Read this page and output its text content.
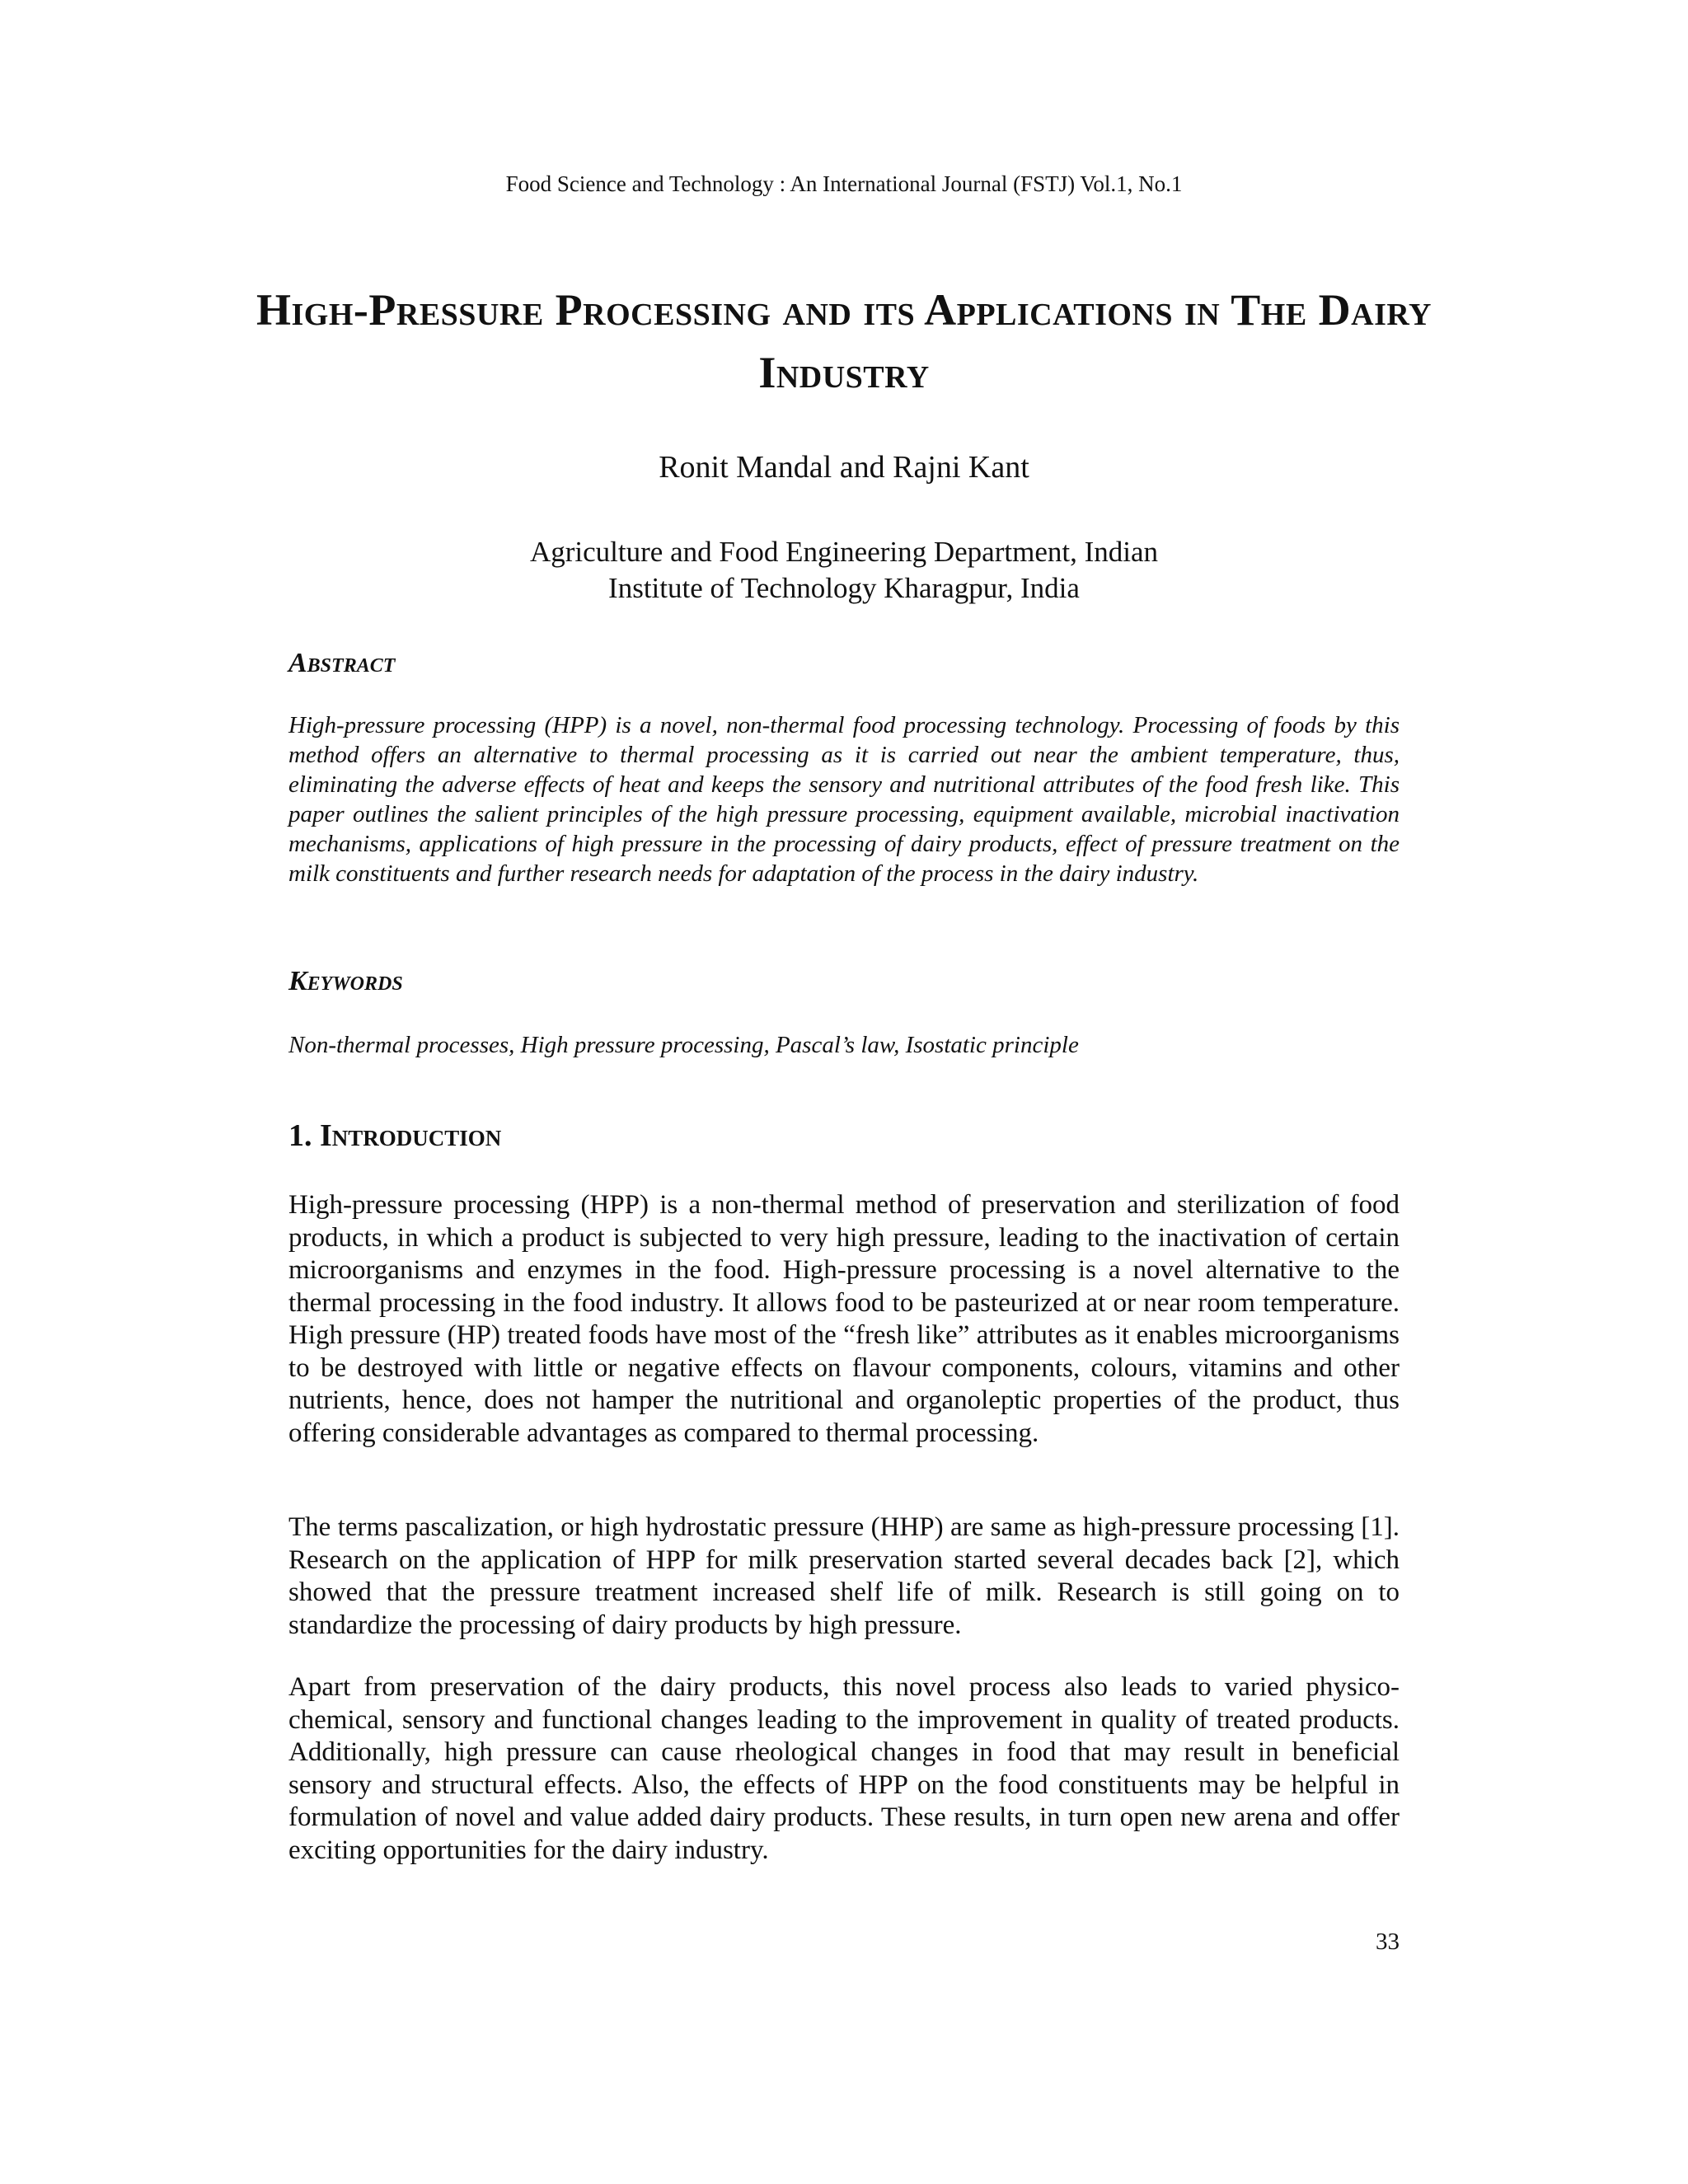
Food Science and Technology : An International Journal (FSTJ) Vol.1, No.1
High-Pressure Processing and its Applications in The Dairy Industry
Ronit Mandal and Rajni Kant
Agriculture and Food Engineering Department, Indian
Institute of Technology Kharagpur, India
Abstract
High-pressure processing (HPP) is a novel, non-thermal food processing technology. Processing of foods by this method offers an alternative to thermal processing as it is carried out near the ambient temperature, thus, eliminating the adverse effects of heat and keeps the sensory and nutritional attributes of the food fresh like. This paper outlines the salient principles of the high pressure processing, equipment available, microbial inactivation mechanisms, applications of high pressure in the processing of dairy products, effect of pressure treatment on the milk constituents and further research needs for adaptation of the process in the dairy industry.
Keywords
Non-thermal processes, High pressure processing, Pascal’s law, Isostatic principle
1. Introduction
High-pressure processing (HPP) is a non-thermal method of preservation and sterilization of food products, in which a product is subjected to very high pressure, leading to the inactivation of certain microorganisms and enzymes in the food. High-pressure processing is a novel alternative to the thermal processing in the food industry. It allows food to be pasteurized at or near room temperature. High pressure (HP) treated foods have most of the “fresh like” attributes as it enables microorganisms to be destroyed with little or negative effects on flavour components, colours, vitamins and other nutrients, hence, does not hamper the nutritional and organoleptic properties of the product, thus offering considerable advantages as compared to thermal processing.
The terms pascalization, or high hydrostatic pressure (HHP) are same as high-pressure processing [1]. Research on the application of HPP for milk preservation started several decades back [2], which showed that the pressure treatment increased shelf life of milk. Research is still going on to standardize the processing of dairy products by high pressure.
Apart from preservation of the dairy products, this novel process also leads to varied physico-chemical, sensory and functional changes leading to the improvement in quality of treated products. Additionally, high pressure can cause rheological changes in food that may result in beneficial sensory and structural effects. Also, the effects of HPP on the food constituents may be helpful in formulation of novel and value added dairy products. These results, in turn open new arena and offer exciting opportunities for the dairy industry.
33
